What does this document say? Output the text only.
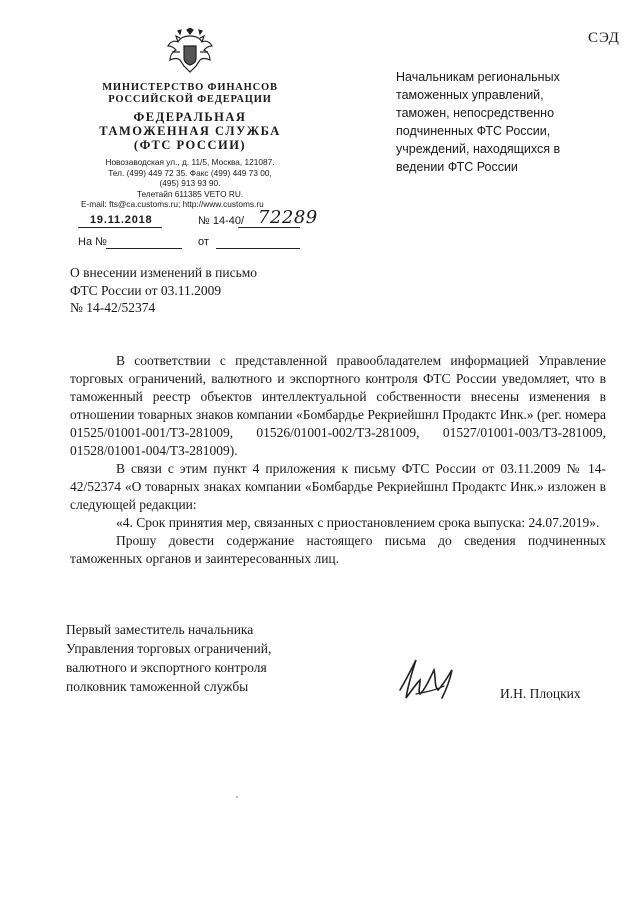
СЭД
МИНИСТЕРСТВО ФИНАНСОВ
РОССИЙСКОЙ ФЕДЕРАЦИИ
ФЕДЕРАЛЬНАЯ
ТАМОЖЕННАЯ СЛУЖБА
(ФТС РОССИИ)
Новозаводская ул., д. 11/5, Москва, 121087.
Тел. (499) 449 72 35. Факс (499) 449 73 00,
(495) 913 93 90.
Телетайп 611385 VETO RU.
E-mail: fts@ca.customs.ru; http://www.customs.ru
Начальникам региональных таможенных управлений, таможен, непосредственно подчиненных ФТС России, учреждений, находящихся в ведении ФТС России
19.11.2018	№ 14-40/ 72289
На №	от
О внесении изменений в письмо
ФТС России от 03.11.2009
№ 14-42/52374

В соответствии с представленной правообладателем информацией Управление торговых ограничений, валютного и экспортного контроля ФТС России уведомляет, что в таможенный реестр объектов интеллектуальной собственности внесены изменения в отношении товарных знаков компании «Бомбардье Рекриейшнл Продактс Инк.» (рег. номера 01525/01001-001/ТЗ-281009, 01526/01001-002/ТЗ-281009, 01527/01001-003/ТЗ-281009, 01528/01001-004/ТЗ-281009).

В связи с этим пункт 4 приложения к письму ФТС России от 03.11.2009 № 14-42/52374 «О товарных знаках компании «Бомбардье Рекриейшнл Продактс Инк.» изложен в следующей редакции:

«4. Срок принятия мер, связанных с приостановлением срока выпуска: 24.07.2019».

Прошу довести содержание настоящего письма до сведения подчиненных таможенных органов и заинтересованных лиц.

Первый заместитель начальника
Управления торговых ограничений,
валютного и экспортного контроля
полковник таможенной службы	И.Н. Плоцких
